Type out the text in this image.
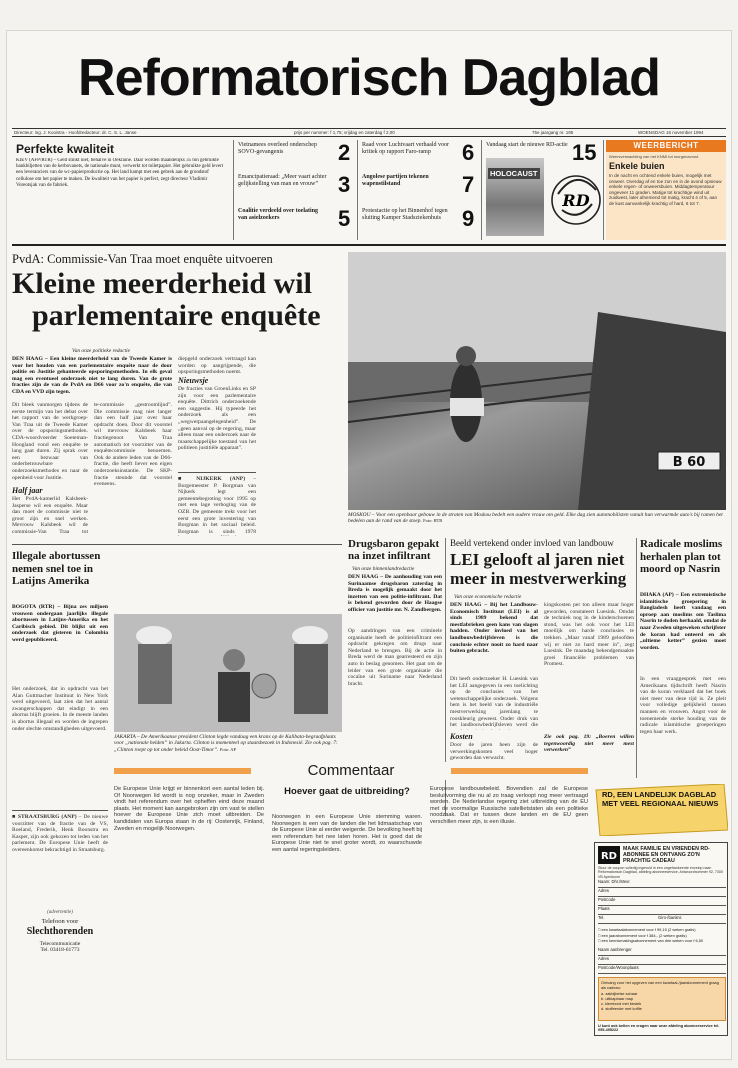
Reformatorisch Dagblad
Directeur: ing. J. Kooistra - Hoofdredacteur: dr. C. S. L. Janse	prijs per nummer: f 1,75; vrijdag en zaterdag f 2,00	75e jaargang nr. 195	WOENSDAG 16 november 1994
Perfekte kwaliteit
KIEV (AFP/RTR) – Geld stinkt niet, behalve in Oekraïne. Daar worden maandelijks 35 ton gebruikte bankbiljetten van de kerbovanets, de nationale munt, verwerkt tot toiletpapier. Het gebruikte geld levert een leveranciers van de wc-papierproductie op. Het land kampt met een gebrek aan de grondstof cellulose om het papier te maken. De kwaliteit van het papier is perfect, zegt directeur Vladimir Voreotsjak van de fabriek.
Vietnamees overleed onderschep SOVO-gevangenis	2
Emancipatieraad: „Meer vaart achter gelijkstelling van man en vrouw” 3
Coalitie verdeeld over toelating van asielzoekers	5
Raad voor Luchtvaart verhaald voor kritiek op rapport Faro-ramp	6
Angolese partijen tekenen wapenstilstand	7
Protestactie op het Binnenhof tegen sluiting Kamper Stadsziekenhuis 9
Vandaag start de nieuwe RD-actie 15
HOLOCAUST
RD
WEERBERICHT
Weersverwachting van het KNMI tot morgenavond
Enkele buien
In de nacht en ochtend enkele buien, mogelijk met onweer. Overdag af en toe zon en in de avond opnieuw enkele regen- of onweersbuien. Middagtemperatuur ongeveer 11 graden. Matige tot krachtige wind uit zuidwest, later afnemend tot matig, kracht 4 of 5, aan de kust aanvankelijk krachtig of hard, 6 tot 7.
PvdA: Commissie-Van Traa moet enquête uitvoeren
Kleine meerderheid wil
parlementaire enquête
Van onze politieke redactie
DEN HAAG – Een kleine meerderheid van de Tweede Kamer is voor het houden van een parlementaire enquête naar de door politie en Justitie gehanteerde opsporingsmethoden. In elk geval mag een eventueel onderzoek niet te lang duren. Van de grote fracties zijn de van de PvdA en D66 voor zo'n enquête, die van CDA en VVD zijn tegen.
Dit bleek vanmorgen tijdens de eerste termijn van het debat over het rapport van de werkgroep-Van Traa uit de Tweede Kamer over de opsporingsmethoden. CDA-woordvoerder Soeteman-Hoogland vond een enquête te lang gaat duren. Zij sprak over een bezwaar van onderbetrouwbare onderzoeksmethodes en naar de openheid voor Justitie.
Half jaar
Het PvdA-kamerlid Kalsbeek-Jasperse wil een enquête. Maar dan moet de commissie niet te groot zijn en snel werken. Mevrouw Kalsbeek wil de commissie-Van Traa tot
te-commissie „gestroomlijnd”. Die commissie mag niet langer dan een half jaar over haar opdracht doen. Door dit voorstel wil mevrouw Kalsbeek haar fractiegenoot Van Traa automatisch tot voorzitter van de enquêtecommissie benoemen. Ook de andere leden van de D66-fractie, die heeft liever een eigen onderzoeksinstantie. De SKP-fractie steunde dat voorstel eveneens.
diepgeld onderzoek vertraagd kan worden op aangrijpende, die opsporingsmethoden noemt.
Nieuwsje
De fracties van GroenLinks en SP zijn voor een parlementaire enquête. Dittrich onderzoekende een suggestie. Hij typeerde het onderzoek als een „wegwerpaangelegenheid”. De „geen aanval op de regering, maar alleen maar een onderzoek naar de maatschappelijke toestand van het politieen justitiële apparaat”.
■ NIJKERK (ANP) – Burgemeester P. Borgman van Nijkerk legt een gemeentebegroting voor 1995 op met een lage verhoging van de OZB. De gemeente trekt voor het eerst een grote investering van Borgman in het sociaal beleid. Borgman is sinds 1978
B 60
MOSKOU – Voor een openbaar gebouw in de straten van Moskou bedelt een oudere vrouw om geld. Elke dag zien automobilisten vanuit hun verwarmde auto's bij ramen het bedelen aan de rand van de stoep. Foto: RTR
Drugsbaron gepakt na inzet infiltrant
Van onze binnenlandredactie
DEN HAAG – De aanhouding van een Surinaamse drugsbaron zaterdag in Breda is mogelijk gemaakt door het inzetten van een politie-infiltrant. Dat is bekend geworden door de Haagse officier van justitie mr. N. Zandbergen.
Op aandringen van een criminele organisatie heeft de politieinfiltrant een opdracht gekregen om drugs naar Nederland te brengen. Bij de actie in Breda werd de man gearresteerd en zijn auto in beslag genomen. Het gaat om de leider van een grote organisatie die cocaïne uit Suriname naar Nederland bracht.
Beeld vertekend onder invloed van landbouw
LEI gelooft al jaren niet
meer in mestverwerking
Van onze economische redactie
DEN HAAG – Bij het Landbouw-Economisch Instituut (LEI) is al sinds 1989 bekend dat mestfabrieken geen kans van slagen hadden. Onder invloed van het landbouwbedrijfsleven is die conclusie echter nooit zo hard naar buiten gebracht.
Dit heeft onderzoeker H. Luesink van het LEI aangegeven in een toelichting op de conclusies van het wetenschappelijke onderzoek. Volgens hem is het beeld van de industriële mestverwerking jarenlang te rooskleurig geweest. Onder druk van het landbouwbedrijfsleven werd die
Kosten
Door de jaren heen zijn de verwerkingskosten veel hoger geworden dan verwacht.
kingskosten per ton alleen maar hoger geworden, constateert Luesink. Omdat de techniek nog in de kinderschoenen stond, was het ook voor het LEI moeilijk om harde conclusies te trekken. „Maar vanaf 1989 geloofden wij er niet zo hard meer in”, zegt Luesink. De maandag bekendgemaakte groei financiële problemen van Promest.
Zie ook pag. 19: „Boeren willen tegenwoordig niet meer mest verwerken”
Radicale moslims herhalen plan tot moord op Nasrin
DHAKA (AP) – Een extremistische islamitische groepering in Bangladesh heeft vandaag een oproep aan moslims om Taslima Nasrin te doden herhaald, omdat de naar Zweden uitgeweken schrijfster de koran had onteerd en als „ultieme ketter” gezien moet worden.
In een vraaggesprek met een Amerikaans tijdschrift heeft Nasrin van de koran verklaard dat het boek niet meer van deze tijd is. Ze pleit voor volledige gelijkheid tussen mannen en vrouwen. Angst voor de toenemende sterke houding van de radicale islamitische groeperingen tegen haar werk.
Illegale abortussen nemen snel toe in Latijns Amerika
BOGOTA (RTR) – Bijna zes miljoen vrouwen ondergaan jaarlijks illegale abortussen in Latijns-Amerika en het Caribisch gebied. Dit blijkt uit een onderzoek dat gisteren in Colombia werd gepubliceerd.
Het onderzoek, dat in opdracht van het Alan Guttmacher Instituut in New York werd uitgevoerd, laat zien dat het aantal zwangerschappen dat eindigt in een abortus blijft groeien. In de meeste landen is abortus illegaal en worden de ingrepen onder slechte omstandigheden uitgevoerd.
JAKARTA – De Amerikaanse president Clinton legde vandaag een krans op de Kalibata-begraafplaats voor „nationale helden” in Jakarta. Clinton is momenteel op staatsbezoek in Indonesië. Zie ook pag. 7: „Clinton roept op tot onder beleid Oost-Timor”. Foto: AP
Commentaar
De Europese Unie krijgt er binnenkort een aantal leden bij. Of Noorwegen lid wordt is nog onzeker, maar in Zweden vindt het referendum over het opheffen eind deze maand plaats. Het moment kan aangebroken zijn om vast te stellen hoever de Europese Unie zich moet uitbreiden. De kandidaten van Europa staan in de rij: Oostenrijk, Finland, Zweden en mogelijk Noorwegen.
Hoever gaat de uitbreiding?
Noorwegen in een Europese Unie stemming waren. Noorwegen is een van de landen die het lidmaatschap van de Europese Unie al eerder weigerde. De bevolking heeft bij een referendum het nee laten horen. Het is goed dat de Europese Unie niet te snel groter wordt, zo waarschuwde een aantal regeringsleiders.
Europese landbouwbeleid. Bovendien zal de Europese besluitvorming die nu al zo traag verloopt nog meer vertraagd worden. De Nederlandse regering ziet uitbreiding van de EU met de voormalige Russische satellietstaten als een politieke noodzaak. Dat er tussen deze landen en de EU geen verschillen meer zijn, is een illusie.
■ STRAATSBURG (ANP) – De nieuwe voorzitter van de fractie van de VS, Roeland, Frederik, Henk Boonstra en Kasper, zijn ook gekozen tot leden van het parlement. De Europese Unie heeft de overeenkomst bekrachtigd in Straatsburg.
(advertentie)
Telefoon voor
Slechthorenden
Telecommunicatie
Tel. 03418-61773
RD, EEN LANDELIJK DAGBLAD MET VEEL REGIONAAL NIEUWS
RD
MAAK FAMILIE EN VRIENDEN RD-ABONNEE EN ONTVANG ZO'N PRACHTIG CADEAU
Stuur de coupon volledig ingevuld in een ongefrankeerde envelop naar: Reformatorisch Dagblad, afdeling abonneeservice, Antwoordnummer 92, 7300 VB Apeldoorn
Naam: Dhr./Mevr.
Adres
Postcode
Plaats
Tel.	Giro-/banknr.
□ een kwartaalabonnement voor f 99,15 (2 weken gratis)
□ een jaarabonnement voor f 384,- (2 weken gratis)
□ een kennismakingsabonnement van drie weken voor f 6,50
Naam aanbrenger
Adres
Postcode/Woonplaats
Ontvang voor het opgeven van een kwartaal-/jaarabonnement graag als cadeau:
a. zakbijbelse schaar
b. uitklapbaar map
c. klembord met bestek
d. stoffeerder met koffie
U kunt ook bellen en vragen naar onze afdeling abonneeservice tel. 055-495222
